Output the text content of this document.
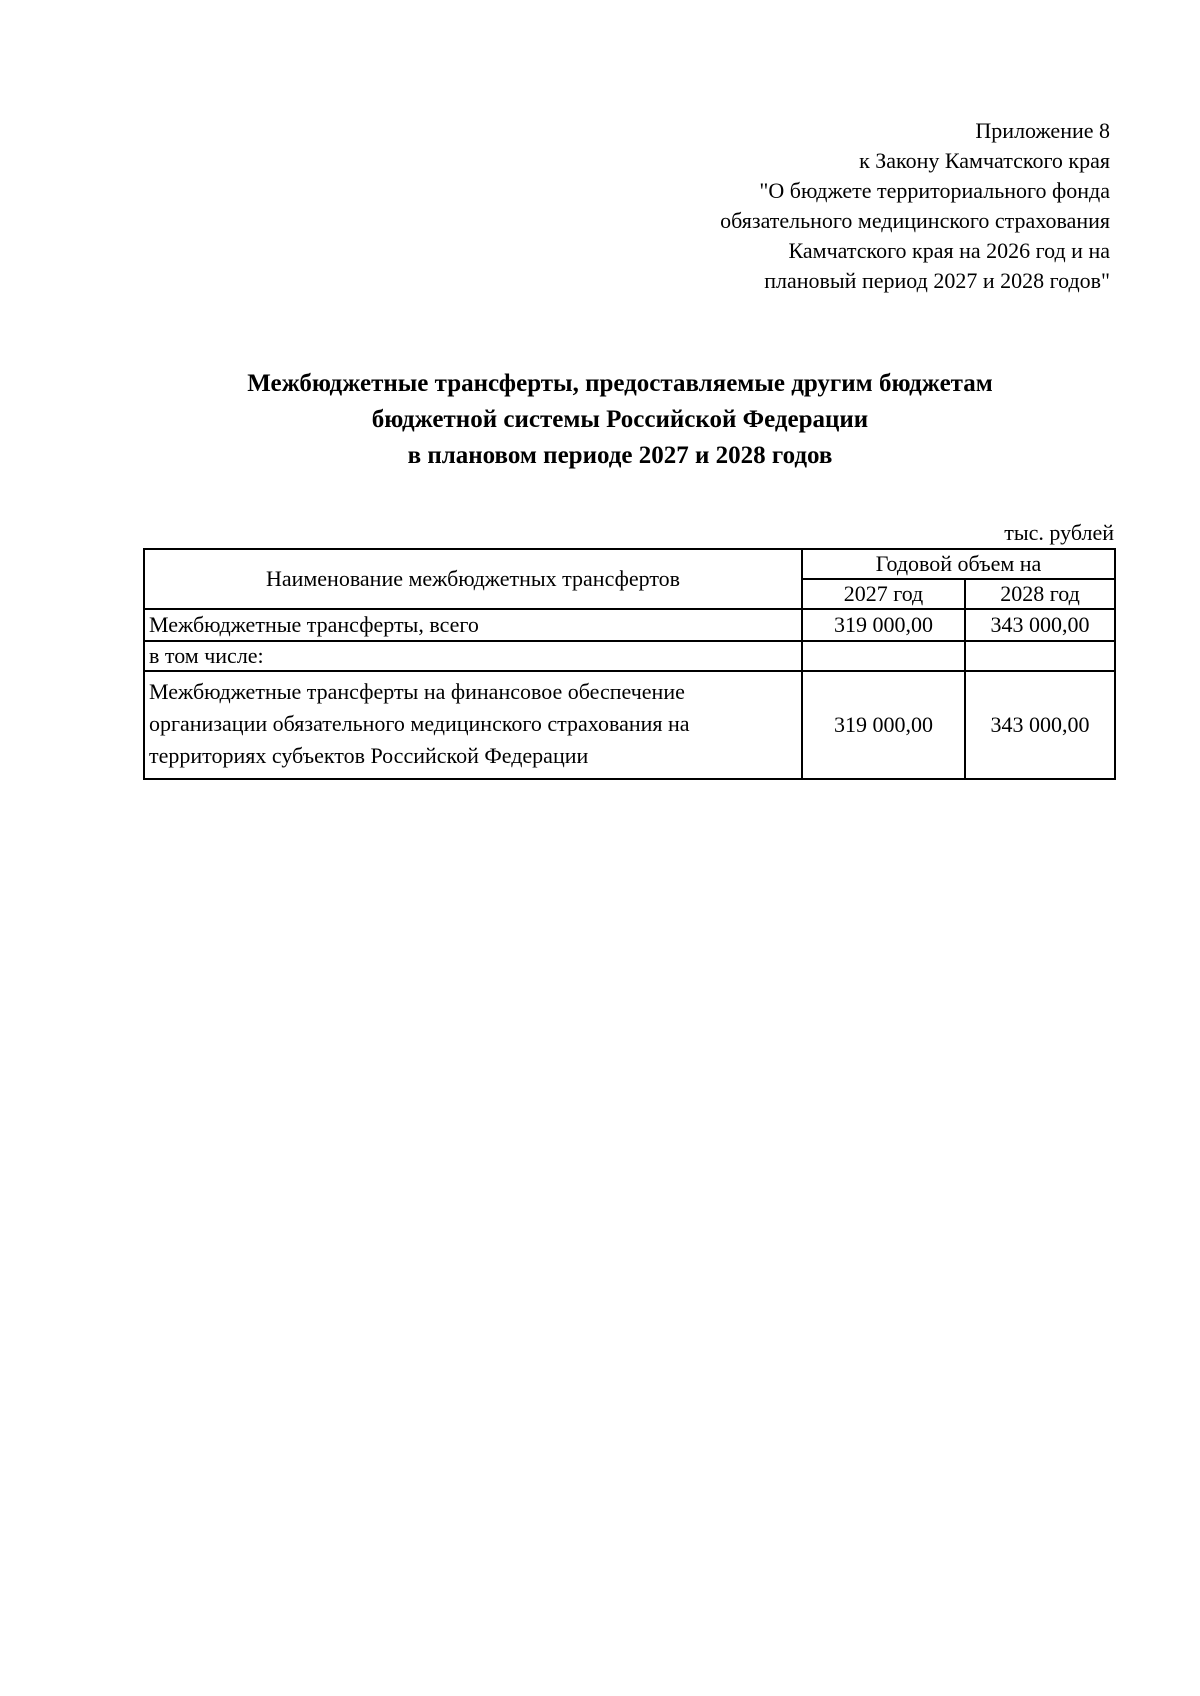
Приложение 8
к Закону Камчатского края
"О бюджете территориального фонда
обязательного медицинского страхования
Камчатского края на 2026 год и на
плановый период 2027 и 2028 годов"
Межбюджетные трансферты, предоставляемые другим бюджетам
бюджетной системы Российской Федерации
в плановом периоде 2027 и 2028 годов
тыс. рублей
Наименование межбюджетных трансфертов	Годовой объем на	
	2027 год	2028 год
Межбюджетные трансферты, всего	319 000,00	343 000,00
в том числе:		

Межбюджетные трансферты на финансовое обеспечение
организации обязательного медицинского страхования на
территориях субъектов Российской Федерации	319 000,00	343 000,00
